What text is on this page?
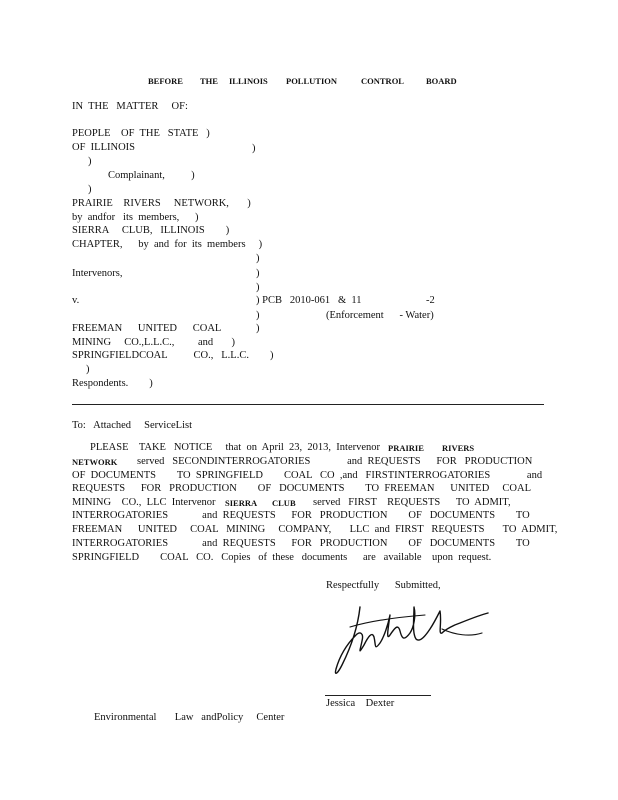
BEFORE THE ILLINOIS POLLUTION	CONTROL	BOARD
IN  THE   MATTER     OF:
PEOPLE    OF  THE   STATE   )
OF  ILLINOIS	)
)
Complainant,          )
)
PRAIRIE    RIVERS     NETWORK,       )
by  andfor   its  members,      )
SIERRA     CLUB,   ILLINOIS        )
CHAPTER,      by  and  for  its  members     )
)
Intervenors,	)
)
v.	) PCB   2010-061   &  11	-2
)	(Enforcement      - Water)
FREEMAN      UNITED      COAL	)
MINING     CO.,L.L.C.,         and       )
SPRINGFIELDCOAL          CO.,   L.L.C.        )
)
Respondents.        )
To:   Attached     ServiceList
PLEASE    TAKE   NOTICE     that  on  April  23,  2013,  Intervenor PRAIRIE RIVERS
NETWORK served   SECONDINTERROGATORIES              and  REQUESTS      FOR   PRODUCTION
OF  DOCUMENTS        TO  SPRINGFIELD        COAL   CO  ,and   FIRSTINTERROGATORIES              and
REQUESTS      FOR   PRODUCTION        OF   DOCUMENTS        TO  FREEMAN      UNITED     COAL
MINING    CO.,  LLC  Intervenor SIERRA CLUB served   FIRST    REQUESTS      TO  ADMIT,
INTERROGATORIES             and  REQUESTS      FOR   PRODUCTION        OF   DOCUMENTS        TO
FREEMAN      UNITED     COAL   MINING     COMPANY,       LLC  and  FIRST   REQUESTS       TO  ADMIT,
INTERROGATORIES             and  REQUESTS      FOR   PRODUCTION        OF   DOCUMENTS        TO
SPRINGFIELD        COAL   CO.   Copies   of  these   documents      are   available    upon  request.
Respectfully      Submitted,
Jessica    Dexter
Environmental       Law   andPolicy     Center
